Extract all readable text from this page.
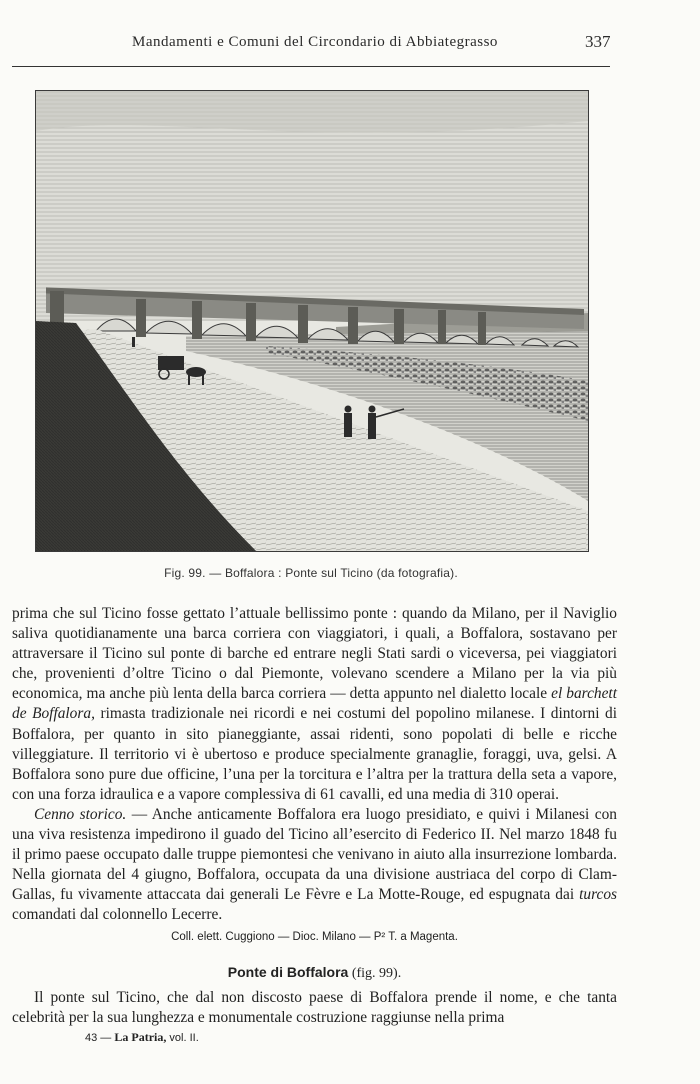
Mandamenti e Comuni del Circondario di Abbiategrasso	337
Fig. 99. — Boffalora : Ponte sul Ticino (da fotografia).

prima che sul Ticino fosse gettato l’attuale bellissimo ponte : quando da Milano, per il Naviglio saliva quotidianamente una barca corriera con viaggiatori, i quali, a Boffalora, sostavano per attraversare il Ticino sul ponte di barche ed entrare negli Stati sardi o viceversa, pei viaggiatori che, provenienti d’oltre Ticino o dal Piemonte, volevano scendere a Milano per la via più economica, ma anche più lenta della barca corriera — detta appunto nel dialetto locale el barchett de Boffalora, rimasta tradizionale nei ricordi e nei costumi del popolino milanese. I dintorni di Boffalora, per quanto in sito pianeggiante, assai ridenti, sono popolati di belle e ricche villeggiature. Il territorio vi è ubertoso e produce specialmente granaglie, foraggi, uva, gelsi. A Boffalora sono pure due officine, l’una per la torcitura e l’altra per la trattura della seta a vapore, con una forza idraulica e a vapore complessiva di 61 cavalli, ed una media di 310 operai.

Cenno storico. — Anche anticamente Boffalora era luogo presidiato, e quivi i Milanesi con una viva resistenza impedirono il guado del Ticino all’esercito di Federico II. Nel marzo 1848 fu il primo paese occupato dalle truppe piemontesi che venivano in aiuto alla insurrezione lombarda. Nella giornata del 4 giugno, Boffalora, occupata da una divisione austriaca del corpo di Clam-Gallas, fu vivamente attaccata dai generali Le Fèvre e La Motte-Rouge, ed espugnata dai turcos comandati dal colonnello Lecerre.

Coll. elett. Cuggiono — Dioc. Milano — P² T. a Magenta.

Ponte di Boffalora (fig. 99).

Il ponte sul Ticino, che dal non discosto paese di Boffalora prende il nome, e che tanta celebrità per la sua lunghezza e monumentale costruzione raggiunse nella prima

43 — La Patria, vol. II.
